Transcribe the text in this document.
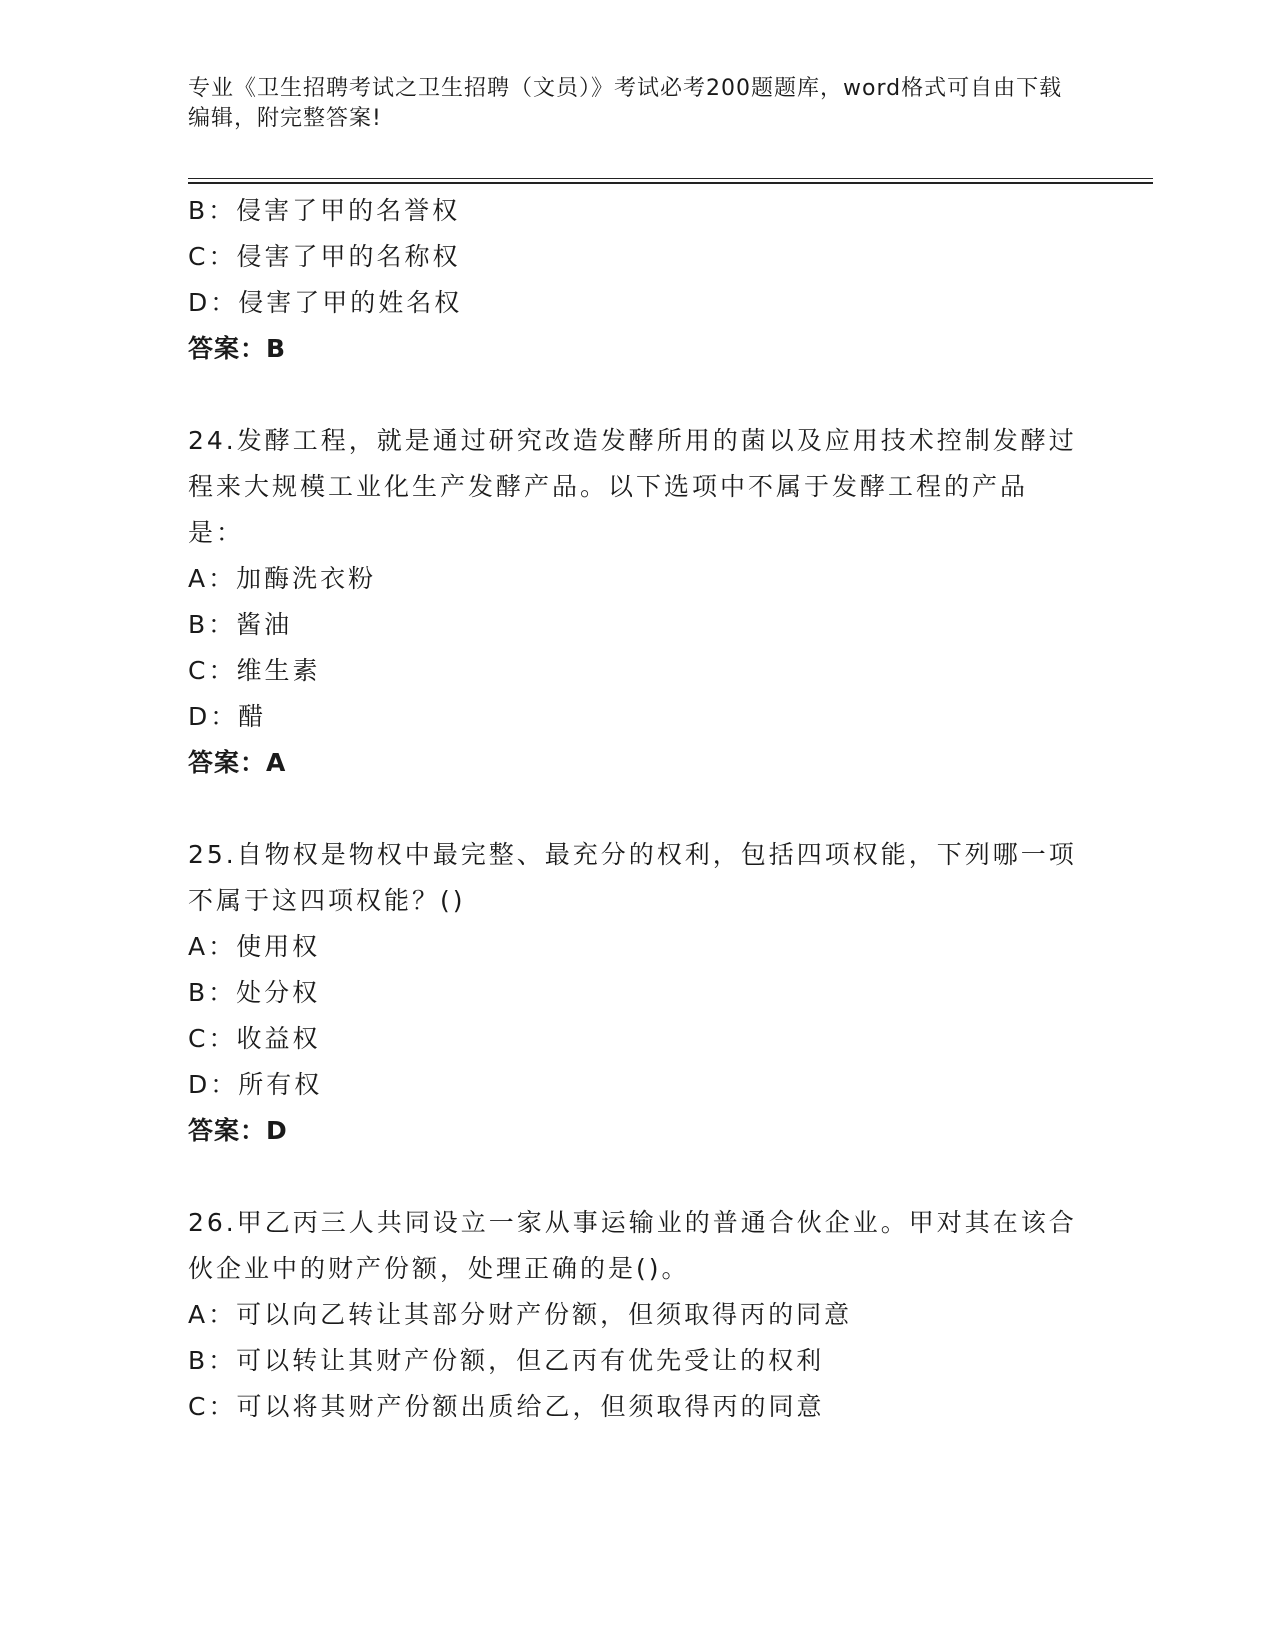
专业《卫生招聘考试之卫生招聘（文员）》考试必考200题题库，word格式可自由下载编辑，附完整答案!
B：侵害了甲的名誉权
C：侵害了甲的名称权
D：侵害了甲的姓名权
答案：B
24.发酵工程，就是通过研究改造发酵所用的菌以及应用技术控制发酵过程来大规模工业化生产发酵产品。以下选项中不属于发酵工程的产品是：
A：加酶洗衣粉
B：酱油
C：维生素
D：醋
答案：A
25.自物权是物权中最完整、最充分的权利，包括四项权能，下列哪一项不属于这四项权能？()
A：使用权
B：处分权
C：收益权
D：所有权
答案：D
26.甲乙丙三人共同设立一家从事运输业的普通合伙企业。甲对其在该合伙企业中的财产份额，处理正确的是()。
A：可以向乙转让其部分财产份额，但须取得丙的同意
B：可以转让其财产份额，但乙丙有优先受让的权利
C：可以将其财产份额出质给乙，但须取得丙的同意
